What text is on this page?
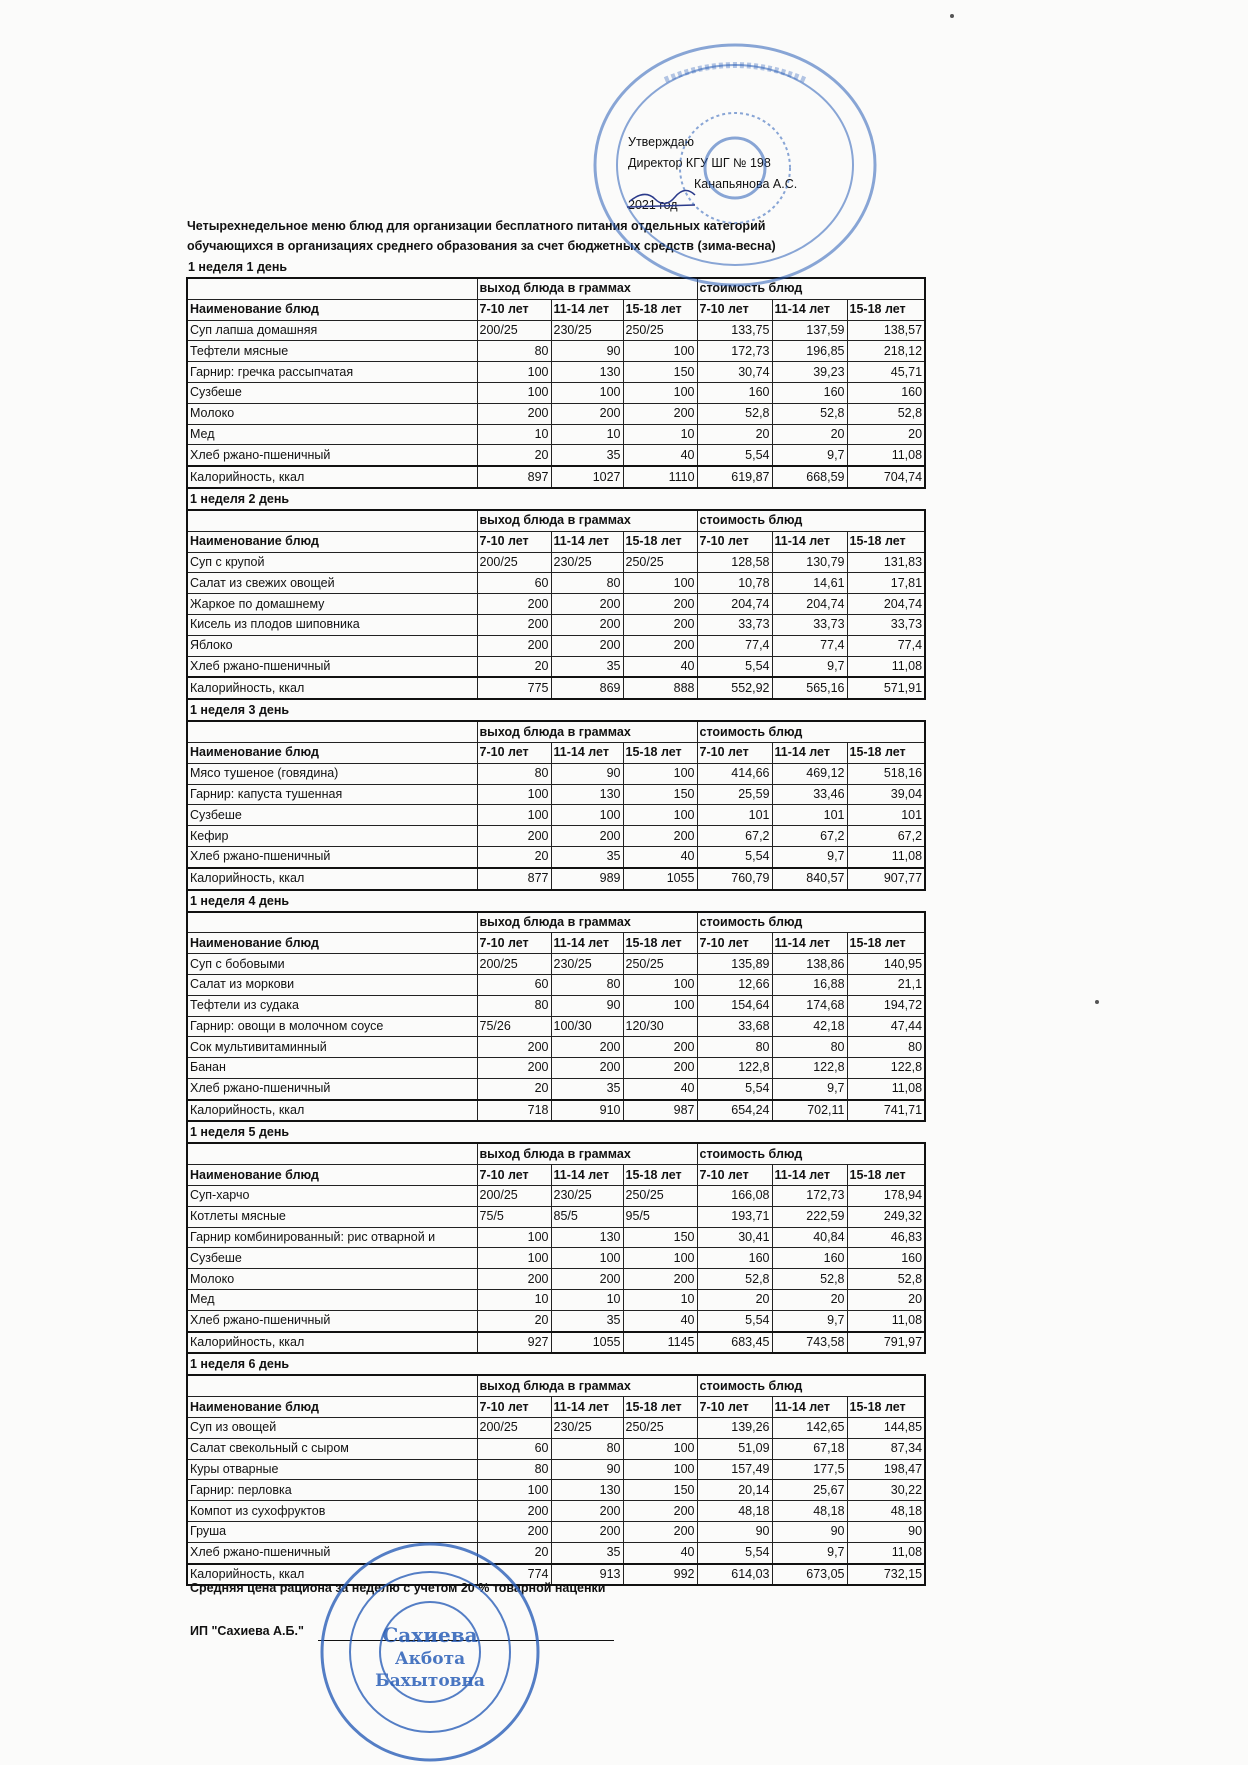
Утверждаю
Директор КГУ ШГ № 198
Канапьянова А.С.
2021 год
Четырехнедельное меню блюд для организации бесплатного питания отдельных категорий
обучающихся в организациях среднего образования за счет бюджетных средств (зима-весна)
1 неделя 1 день
	выход блюда в граммах			стоимость блюд		
Наименование блюд	7-10 лет	11-14 лет	15-18 лет	7-10 лет	11-14 лет	15-18 лет
Суп лапша домашняя	200/25	230/25	250/25	133,75	137,59	138,57
Тефтели мясные	80	90	100	172,73	196,85	218,12
Гарнир: гречка рассыпчатая	100	130	150	30,74	39,23	45,71
Сузбеше	100	100	100	160	160	160
Молоко	200	200	200	52,8	52,8	52,8
Мед	10	10	10	20	20	20
Хлеб ржано-пшеничный	20	35	40	5,54	9,7	11,08
Калорийность, ккал	897	1027	1110	619,87	668,59	704,74
1 неделя 2 день
	выход блюда в граммах			стоимость блюд		
Наименование блюд	7-10 лет	11-14 лет	15-18 лет	7-10 лет	11-14 лет	15-18 лет
Суп с крупой	200/25	230/25	250/25	128,58	130,79	131,83
Салат из свежих овощей	60	80	100	10,78	14,61	17,81
Жаркое по домашнему	200	200	200	204,74	204,74	204,74
Кисель из плодов шиповника	200	200	200	33,73	33,73	33,73
Яблоко	200	200	200	77,4	77,4	77,4
Хлеб ржано-пшеничный	20	35	40	5,54	9,7	11,08
Калорийность, ккал	775	869	888	552,92	565,16	571,91
1 неделя 3 день
	выход блюда в граммах			стоимость блюд		
Наименование блюд	7-10 лет	11-14 лет	15-18 лет	7-10 лет	11-14 лет	15-18 лет
Мясо тушеное (говядина)	80	90	100	414,66	469,12	518,16
Гарнир: капуста тушенная	100	130	150	25,59	33,46	39,04
Сузбеше	100	100	100	101	101	101
Кефир	200	200	200	67,2	67,2	67,2
Хлеб ржано-пшеничный	20	35	40	5,54	9,7	11,08
Калорийность, ккал	877	989	1055	760,79	840,57	907,77
1 неделя 4 день
	выход блюда в граммах			стоимость блюд		
Наименование блюд	7-10 лет	11-14 лет	15-18 лет	7-10 лет	11-14 лет	15-18 лет
Суп с бобовыми	200/25	230/25	250/25	135,89	138,86	140,95
Салат из моркови	60	80	100	12,66	16,88	21,1
Тефтели из судака	80	90	100	154,64	174,68	194,72
Гарнир: овощи в молочном соусе	75/26	100/30	120/30	33,68	42,18	47,44
Сок мультивитаминный	200	200	200	80	80	80
Банан	200	200	200	122,8	122,8	122,8
Хлеб ржано-пшеничный	20	35	40	5,54	9,7	11,08
Калорийность, ккал	718	910	987	654,24	702,11	741,71
1 неделя 5 день
	выход блюда в граммах			стоимость блюд		
Наименование блюд	7-10 лет	11-14 лет	15-18 лет	7-10 лет	11-14 лет	15-18 лет
Суп-харчо	200/25	230/25	250/25	166,08	172,73	178,94
Котлеты мясные	75/5	85/5	95/5	193,71	222,59	249,32
Гарнир комбинированный: рис отварной и	100	130	150	30,41	40,84	46,83
Сузбеше	100	100	100	160	160	160
Молоко	200	200	200	52,8	52,8	52,8
Мед	10	10	10	20	20	20
Хлеб ржано-пшеничный	20	35	40	5,54	9,7	11,08
Калорийность, ккал	927	1055	1145	683,45	743,58	791,97
1 неделя 6 день
	выход блюда в граммах			стоимость блюд		
Наименование блюд	7-10 лет	11-14 лет	15-18 лет	7-10 лет	11-14 лет	15-18 лет
Суп из овощей	200/25	230/25	250/25	139,26	142,65	144,85
Салат свекольный с сыром	60	80	100	51,09	67,18	87,34
Куры отварные	80	90	100	157,49	177,5	198,47
Гарнир: перловка	100	130	150	20,14	25,67	30,22
Компот из сухофруктов	200	200	200	48,18	48,18	48,18
Груша	200	200	200	90	90	90
Хлеб ржано-пшеничный	20	35	40	5,54	9,7	11,08
Калорийность, ккал	774	913	992	614,03	673,05	732,15
Средняя цена рациона за неделю с учетом 20 % товарной наценки
ИП "Сахиева А.Б."	Сахиева
Акбота
Бахытовна
